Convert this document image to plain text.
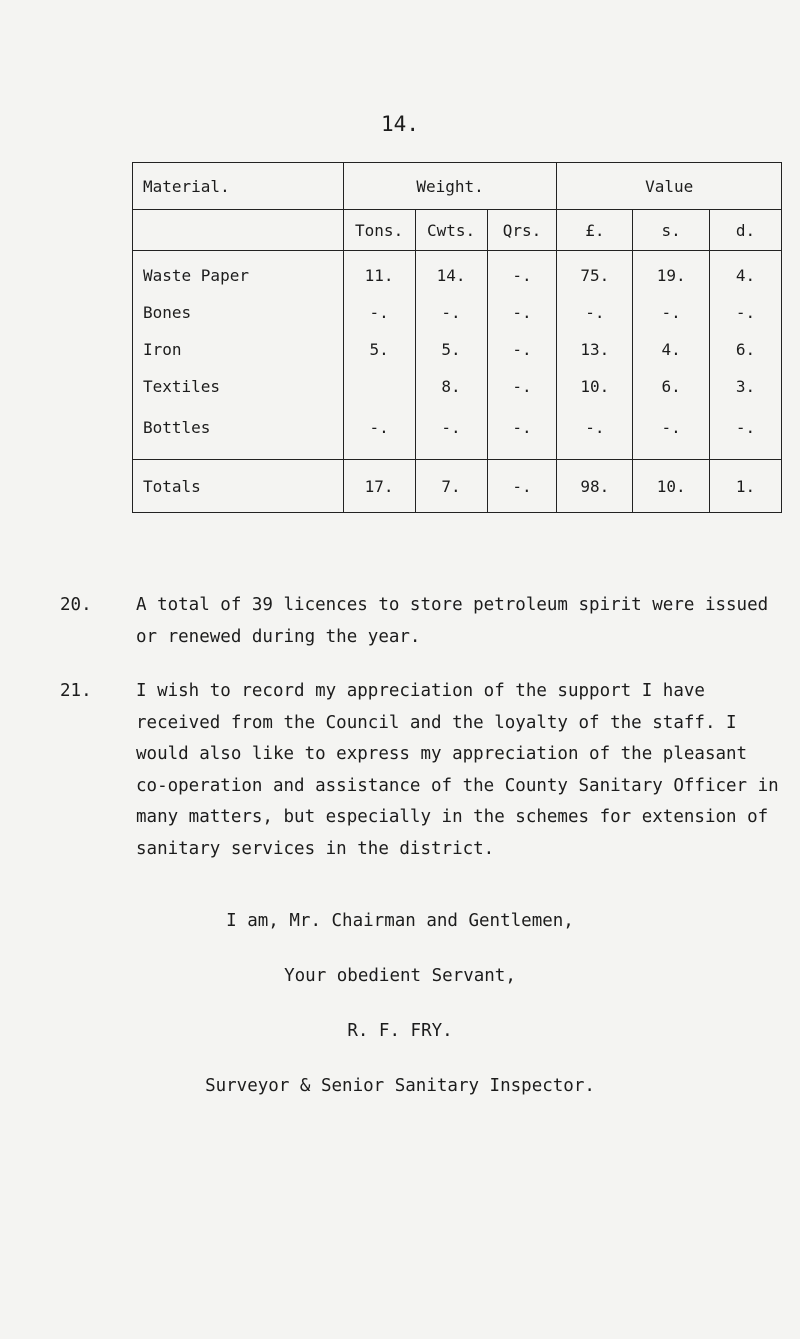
14.
Material.	Weight.			Value		
	Tons.	Cwts.	Qrs.	£.	s.	d.
Waste Paper	11.	14.	-.	75.	19.	4.
Bones	-.	-.	-.	-.	-.	-.
Iron	5.	5.	-.	13.	4.	6.
Textiles		8.	-.	10.	6.	3.
Bottles	-.	-.	-.	-.	-.	-.
Totals	17.	7.	-.	98.	10.	1.
20.	A total of 39 licences to store petroleum spirit were issued or renewed during the year.
21.	I wish to record my appreciation of the support I have received from the Council and the loyalty of the staff. I would also like to express my appreciation of the pleasant co-operation and assistance of the County Sanitary Officer in many matters, but especially in the schemes for extension of sanitary services in the district.
I am, Mr. Chairman and Gentlemen,
Your obedient Servant,
R. F. FRY.
Surveyor & Senior Sanitary Inspector.
